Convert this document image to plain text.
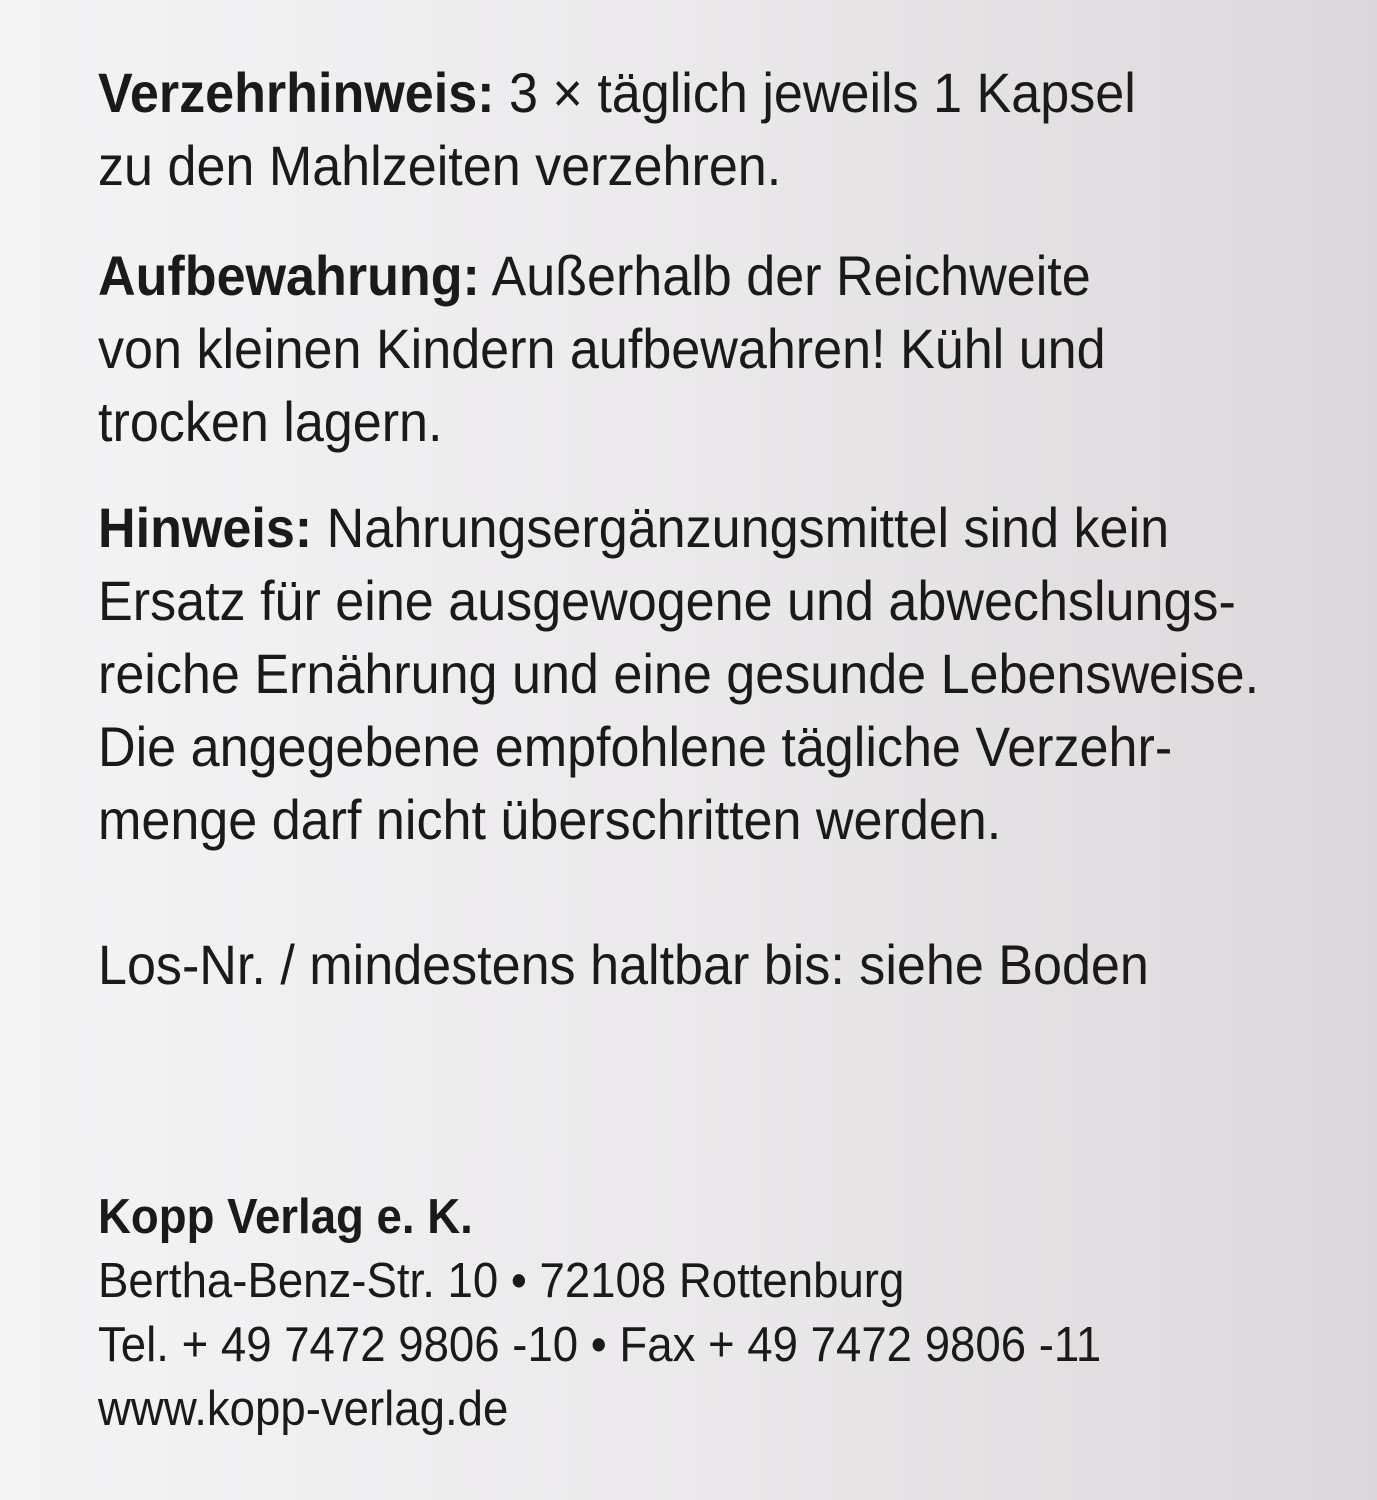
Verzehrhinweis: 3 × täglich jeweils 1 Kapsel
zu den Mahlzeiten verzehren.
Aufbewahrung: Außerhalb der Reichweite
von kleinen Kindern aufbewahren! Kühl und
trocken lagern.
Hinweis: Nahrungsergänzungsmittel sind kein
Ersatz für eine ausgewogene und abwechslungs-
reiche Ernährung und eine gesunde Lebensweise.
Die angegebene empfohlene tägliche Verzehr-
menge darf nicht überschritten werden.
Los-Nr. / mindestens haltbar bis: siehe Boden
Kopp Verlag e. K.
Bertha-Benz-Str. 10 • 72108 Rottenburg
Tel. + 49 7472 9806 -10 • Fax + 49 7472 9806 -11
www.kopp-verlag.de
